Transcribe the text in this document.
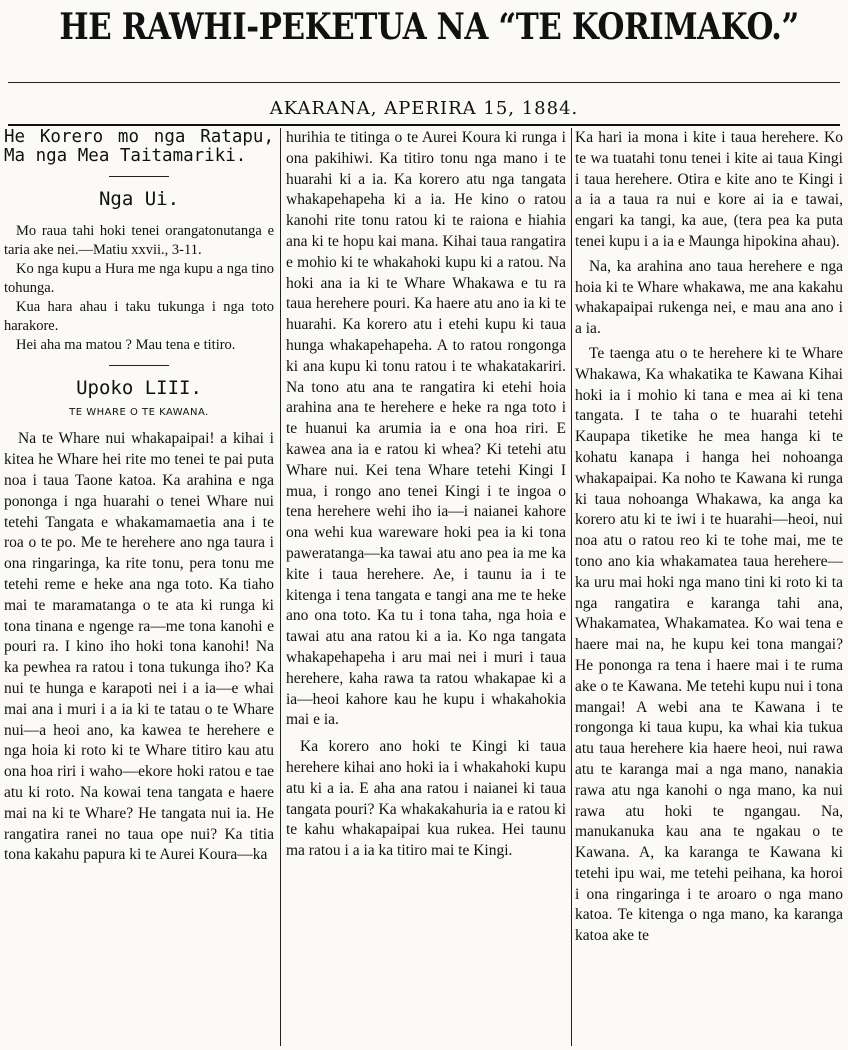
HE RAWHI-PEKETUA NA “TE KORIMAKO.”
AKARANA, APERIRA 15, 1884.

He Korero mo nga Ratapu, Ma nga Mea Taitamariki.

Nga Ui.

Mo raua tahi hoki tenei orangatonutanga e taria ake nei.—Matiu xxvii., 3-11.

Ko nga kupu a Hura me nga kupu a nga tino tohunga.

Kua hara ahau i taku tukunga i nga toto harakore.

Hei aha ma matou ? Mau tena e titiro.

Upoko LIII.
TE WHARE O TE KAWANA.

Na te Whare nui whakapaipai! a kihai i kitea he Whare hei rite mo tenei te pai puta noa i taua Taone katoa. Ka arahina e nga pononga i nga huarahi o tenei Whare nui tetehi Tangata e whakamamaetia ana i te roa o te po. Me te herehere ano nga taura i ona ringaringa, ka rite tonu, pera tonu me tetehi reme e heke ana nga toto. Ka tiaho mai te maramatanga o te ata ki runga ki tona tinana e ngenge ra—me tona kanohi e pouri ra. I kino iho hoki tona kanohi! Na ka pewhea ra ratou i tona tukunga iho? Ka nui te hunga e karapoti nei i a ia—e whai mai ana i muri i a ia ki te tatau o te Whare nui—a heoi ano, ka kawea te herehere e nga hoia ki roto ki te Whare titiro kau atu ona hoa riri i waho—ekore hoki ratou e tae atu ki roto. Na kowai tena tangata e haere mai na ki te Whare? He tangata nui ia. He rangatira ranei no taua ope nui? Ka titia tona kakahu papura ki te Aurei Koura—ka

hurihia te titinga o te Aurei Koura ki runga i ona pakihiwi. Ka titiro tonu nga mano i te huarahi ki a ia. Ka korero atu nga tangata whakapehapeha ki a ia. He kino o ratou kanohi rite tonu ratou ki te raiona e hiahia ana ki te hopu kai mana. Kihai taua rangatira e mohio ki te whakahoki kupu ki a ratou. Na hoki ana ia ki te Whare Whakawa e tu ra taua herehere pouri. Ka haere atu ano ia ki te huarahi. Ka korero atu i etehi kupu ki taua hunga whakapehapeha. A to ratou rongonga ki ana kupu ki tonu ratou i te whakatakariri. Na tono atu ana te rangatira ki etehi hoia arahina ana te herehere e heke ra nga toto i te huanui ka arumia ia e ona hoa riri. E kawea ana ia e ratou ki whea? Ki tetehi atu Whare nui. Kei tena Whare tetehi Kingi I mua, i rongo ano tenei Kingi i te ingoa o tena herehere wehi iho ia—i naianei kahore ona wehi kua wareware hoki pea ia ki tona paweratanga—ka tawai atu ano pea ia me ka kite i taua herehere. Ae, i taunu ia i te kitenga i tena tangata e tangi ana me te heke ano ona toto. Ka tu i tona taha, nga hoia e tawai atu ana ratou ki a ia. Ko nga tangata whakapehapeha i aru mai nei i muri i taua herehere, kaha rawa ta ratou whakapae ki a ia—heoi kahore kau he kupu i whakahokia mai e ia.

Ka korero ano hoki te Kingi ki taua herehere kihai ano hoki ia i whakahoki kupu atu ki a ia. E aha ana ratou i naianei ki taua tangata pouri? Ka whakakahuria ia e ratou ki te kahu whakapaipai kua rukea. Hei taunu ma ratou i a ia ka titiro mai te Kingi.

Ka hari ia mona i kite i taua herehere. Ko te wa tuatahi tonu tenei i kite ai taua Kingi i taua herehere. Otira e kite ano te Kingi i a ia a taua ra nui e kore ai ia e tawai, engari ka tangi, ka aue, (tera pea ka puta tenei kupu i a ia e Maunga hipokina ahau).

Na, ka arahina ano taua herehere e nga hoia ki te Whare whakawa, me ana kakahu whakapaipai rukenga nei, e mau ana ano i a ia.

Te taenga atu o te herehere ki te Whare Whakawa, Ka whakatika te Kawana Kihai hoki ia i mohio ki tana e mea ai ki tena tangata. I te taha o te huarahi tetehi Kaupapa tiketike he mea hanga ki te kohatu kanapa i hanga hei nohoanga whakapaipai. Ka noho te Kawana ki runga ki taua nohoanga Whakawa, ka anga ka korero atu ki te iwi i te huarahi—heoi, nui noa atu o ratou reo ki te tohe mai, me te tono ano kia whakamatea taua herehere—ka uru mai hoki nga mano tini ki roto ki ta nga rangatira e karanga tahi ana, Whakamatea, Whakamatea. Ko wai tena e haere mai na, he kupu kei tona mangai? He pononga ra tena i haere mai i te ruma ake o te Kawana. Me tetehi kupu nui i tona mangai! A webi ana te Kawana i te rongonga ki taua kupu, ka whai kia tukua atu taua herehere kia haere heoi, nui rawa atu te karanga mai a nga mano, nanakia rawa atu nga kanohi o nga mano, ka nui rawa atu hoki te ngangau. Na, manukanuka kau ana te ngakau o te Kawana. A, ka karanga te Kawana ki tetehi ipu wai, me tetehi peihana, ka horoi i ona ringaringa i te aroaro o nga mano katoa. Te kitenga o nga mano, ka karanga katoa ake te
